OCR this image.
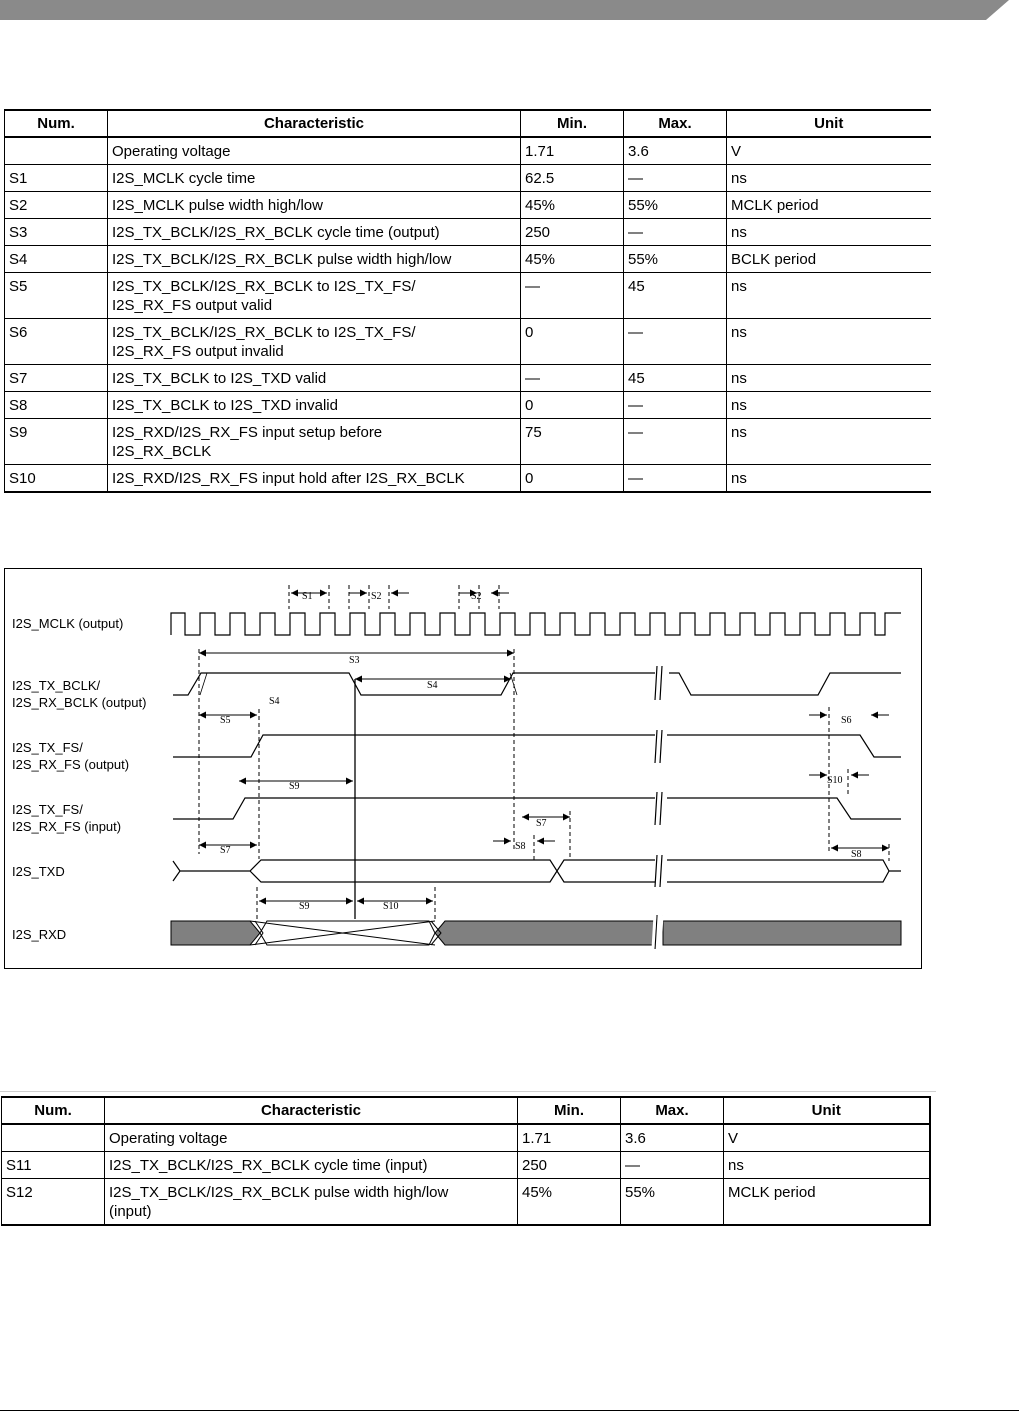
Num.	Characteristic	Min.	Max.	Unit
	Operating voltage	1.71	3.6	V
S1	I2S_MCLK cycle time	62.5	—	ns
S2	I2S_MCLK pulse width high/low	45%	55%	MCLK period
S3	I2S_TX_BCLK/I2S_RX_BCLK cycle time (output)	250	—	ns
S4	I2S_TX_BCLK/I2S_RX_BCLK pulse width high/low	45%	55%	BCLK period
S5	I2S_TX_BCLK/I2S_RX_BCLK to I2S_TX_FS/
I2S_RX_FS output valid	—	45	ns
S6	I2S_TX_BCLK/I2S_RX_BCLK to I2S_TX_FS/
I2S_RX_FS output invalid	0	—	ns
S7	I2S_TX_BCLK to I2S_TXD valid	—	45	ns
S8	I2S_TX_BCLK to I2S_TXD invalid	0	—	ns
S9	I2S_RXD/I2S_RX_FS input setup before
I2S_RX_BCLK	75	—	ns
S10	I2S_RXD/I2S_RX_FS input hold after I2S_RX_BCLK	0	—	ns
I2S_MCLK (output)
I2S_TX_BCLK/
I2S_RX_BCLK (output)
I2S_TX_FS/
I2S_RX_FS (output)
I2S_TX_FS/
I2S_RX_FS (input)
I2S_TXD
I2S_RXD
S1	S2	S2
S3
S4
S4
S5	S6
S10
S9
S7
S8
S7	S8
S9	S10
Num.	Characteristic	Min.	Max.	Unit
	Operating voltage	1.71	3.6	V
S11	I2S_TX_BCLK/I2S_RX_BCLK cycle time (input)	250	—	ns
S12	I2S_TX_BCLK/I2S_RX_BCLK pulse width high/low
(input)	45%	55%	MCLK period
